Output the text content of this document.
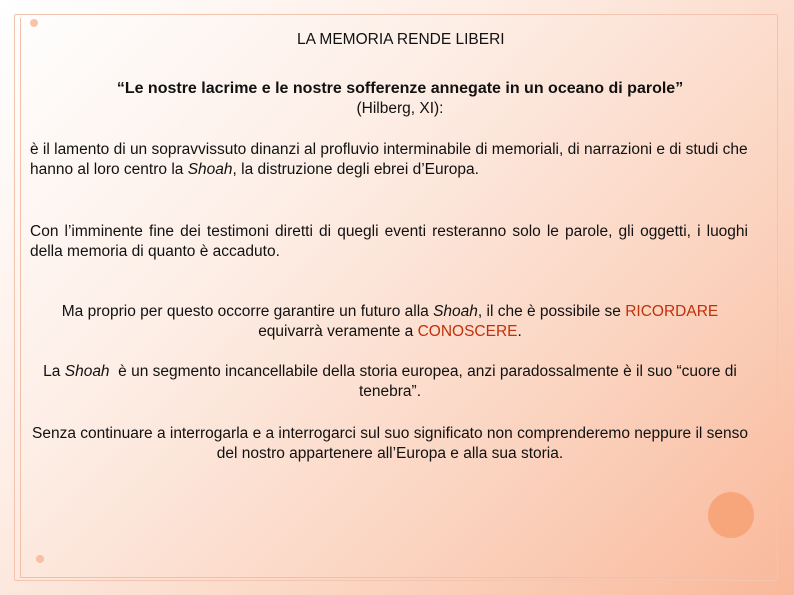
LA MEMORIA RENDE LIBERI
“Le nostre lacrime e le nostre sofferenze annegate in un oceano di parole”
(Hilberg, XI):
è il lamento di un sopravvissuto dinanzi al profluvio interminabile di memoriali, di narrazioni e di studi che hanno al loro centro la Shoah, la distruzione degli ebrei d’Europa.
Con l’imminente fine dei testimoni diretti di quegli eventi resteranno solo le parole, gli oggetti, i luoghi della memoria di quanto è accaduto.
Ma proprio per questo occorre garantire un futuro alla Shoah, il che è possibile se RICORDARE equivarrà veramente a CONOSCERE.
La Shoah  è un segmento incancellabile della storia europea, anzi paradossalmente è il suo “cuore di tenebra”.
Senza continuare a interrogarla e a interrogarci sul suo significato non comprenderemo neppure il senso del nostro appartenere all’Europa e alla sua storia.
